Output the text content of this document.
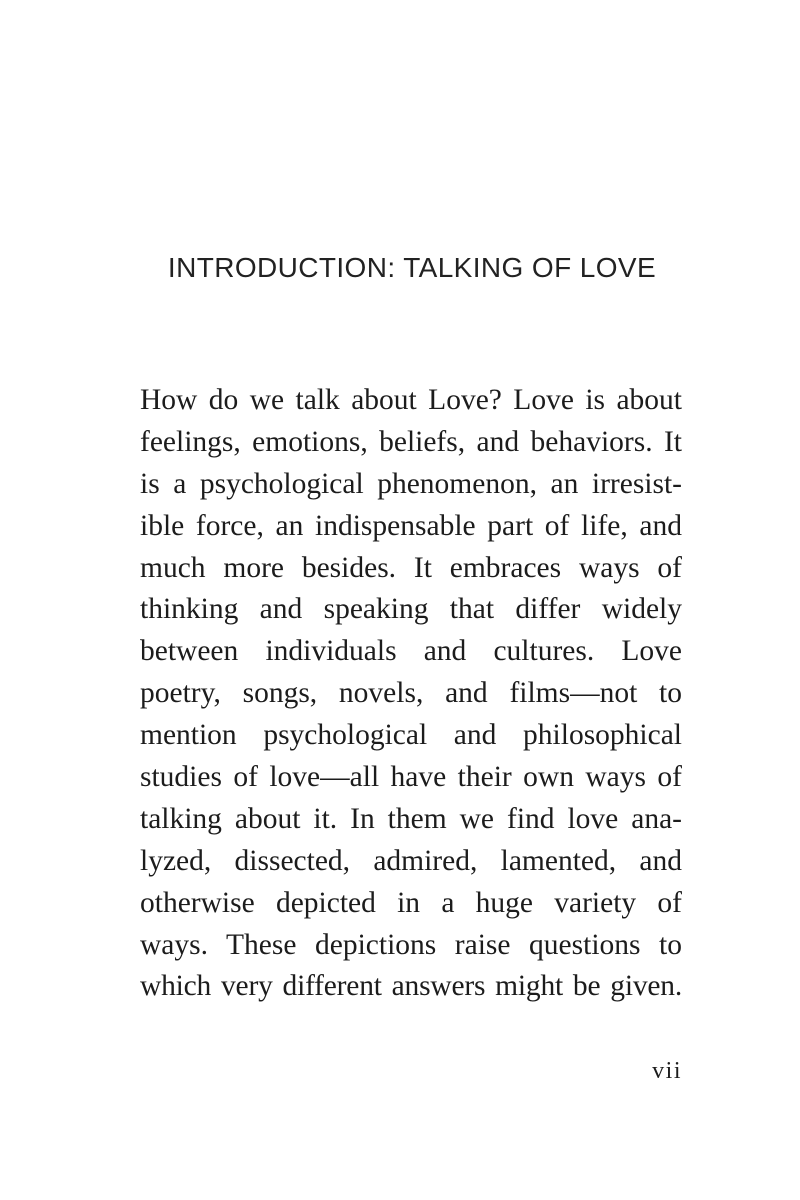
INTRODUCTION: TALKING OF LOVE
How do we talk about Love? Love is about
feelings, emotions, beliefs, and behaviors. It
is a psychological phenomenon, an irresist-
ible force, an indispensable part of life, and
much more besides. It embraces ways of
thinking and speaking that differ widely
between individuals and cultures. Love
poetry, songs, novels, and films—not to
mention psychological and philosophical
studies of love—all have their own ways of
talking about it. In them we find love ana-
lyzed, dissected, admired, lamented, and
otherwise depicted in a huge variety of
ways. These depictions raise questions to
which very different answers might be given.
vii
